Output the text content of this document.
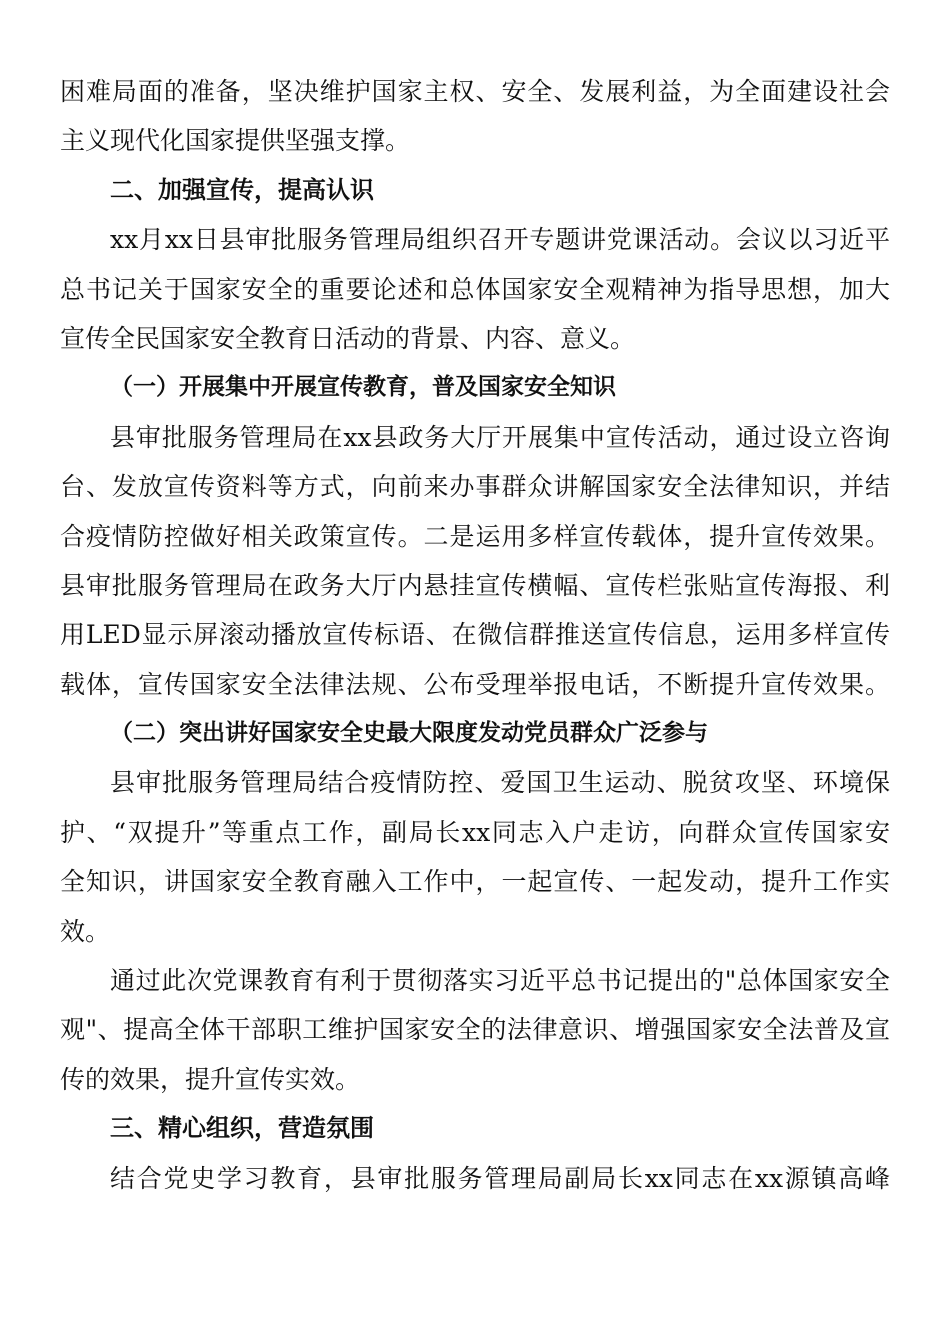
困难局面的准备，坚决维护国家主权、安全、发展利益，为全面建设社会
主义现代化国家提供坚强支撑。
二、加强宣传，提高认识
xx月xx日县审批服务管理局组织召开专题讲党课活动。会议以习近平
总书记关于国家安全的重要论述和总体国家安全观精神为指导思想，加大
宣传全民国家安全教育日活动的背景、内容、意义。
（一）开展集中开展宣传教育，普及国家安全知识
县审批服务管理局在xx县政务大厅开展集中宣传活动，通过设立咨询
台、发放宣传资料等方式，向前来办事群众讲解国家安全法律知识，并结
合疫情防控做好相关政策宣传。二是运用多样宣传载体，提升宣传效果。
县审批服务管理局在政务大厅内悬挂宣传横幅、宣传栏张贴宣传海报、利
用LED显示屏滚动播放宣传标语、在微信群推送宣传信息，运用多样宣传
载体，宣传国家安全法律法规、公布受理举报电话，不断提升宣传效果。
（二）突出讲好国家安全史最大限度发动党员群众广泛参与
县审批服务管理局结合疫情防控、爱国卫生运动、脱贫攻坚、环境保
护、“双提升”等重点工作，副局长xx同志入户走访，向群众宣传国家安
全知识，讲国家安全教育融入工作中，一起宣传、一起发动，提升工作实
效。
通过此次党课教育有利于贯彻落实习近平总书记提出的"总体国家安全
观"、提高全体干部职工维护国家安全的法律意识、增强国家安全法普及宣
传的效果，提升宣传实效。
三、精心组织，营造氛围
结合党史学习教育，县审批服务管理局副局长xx同志在xx源镇高峰
